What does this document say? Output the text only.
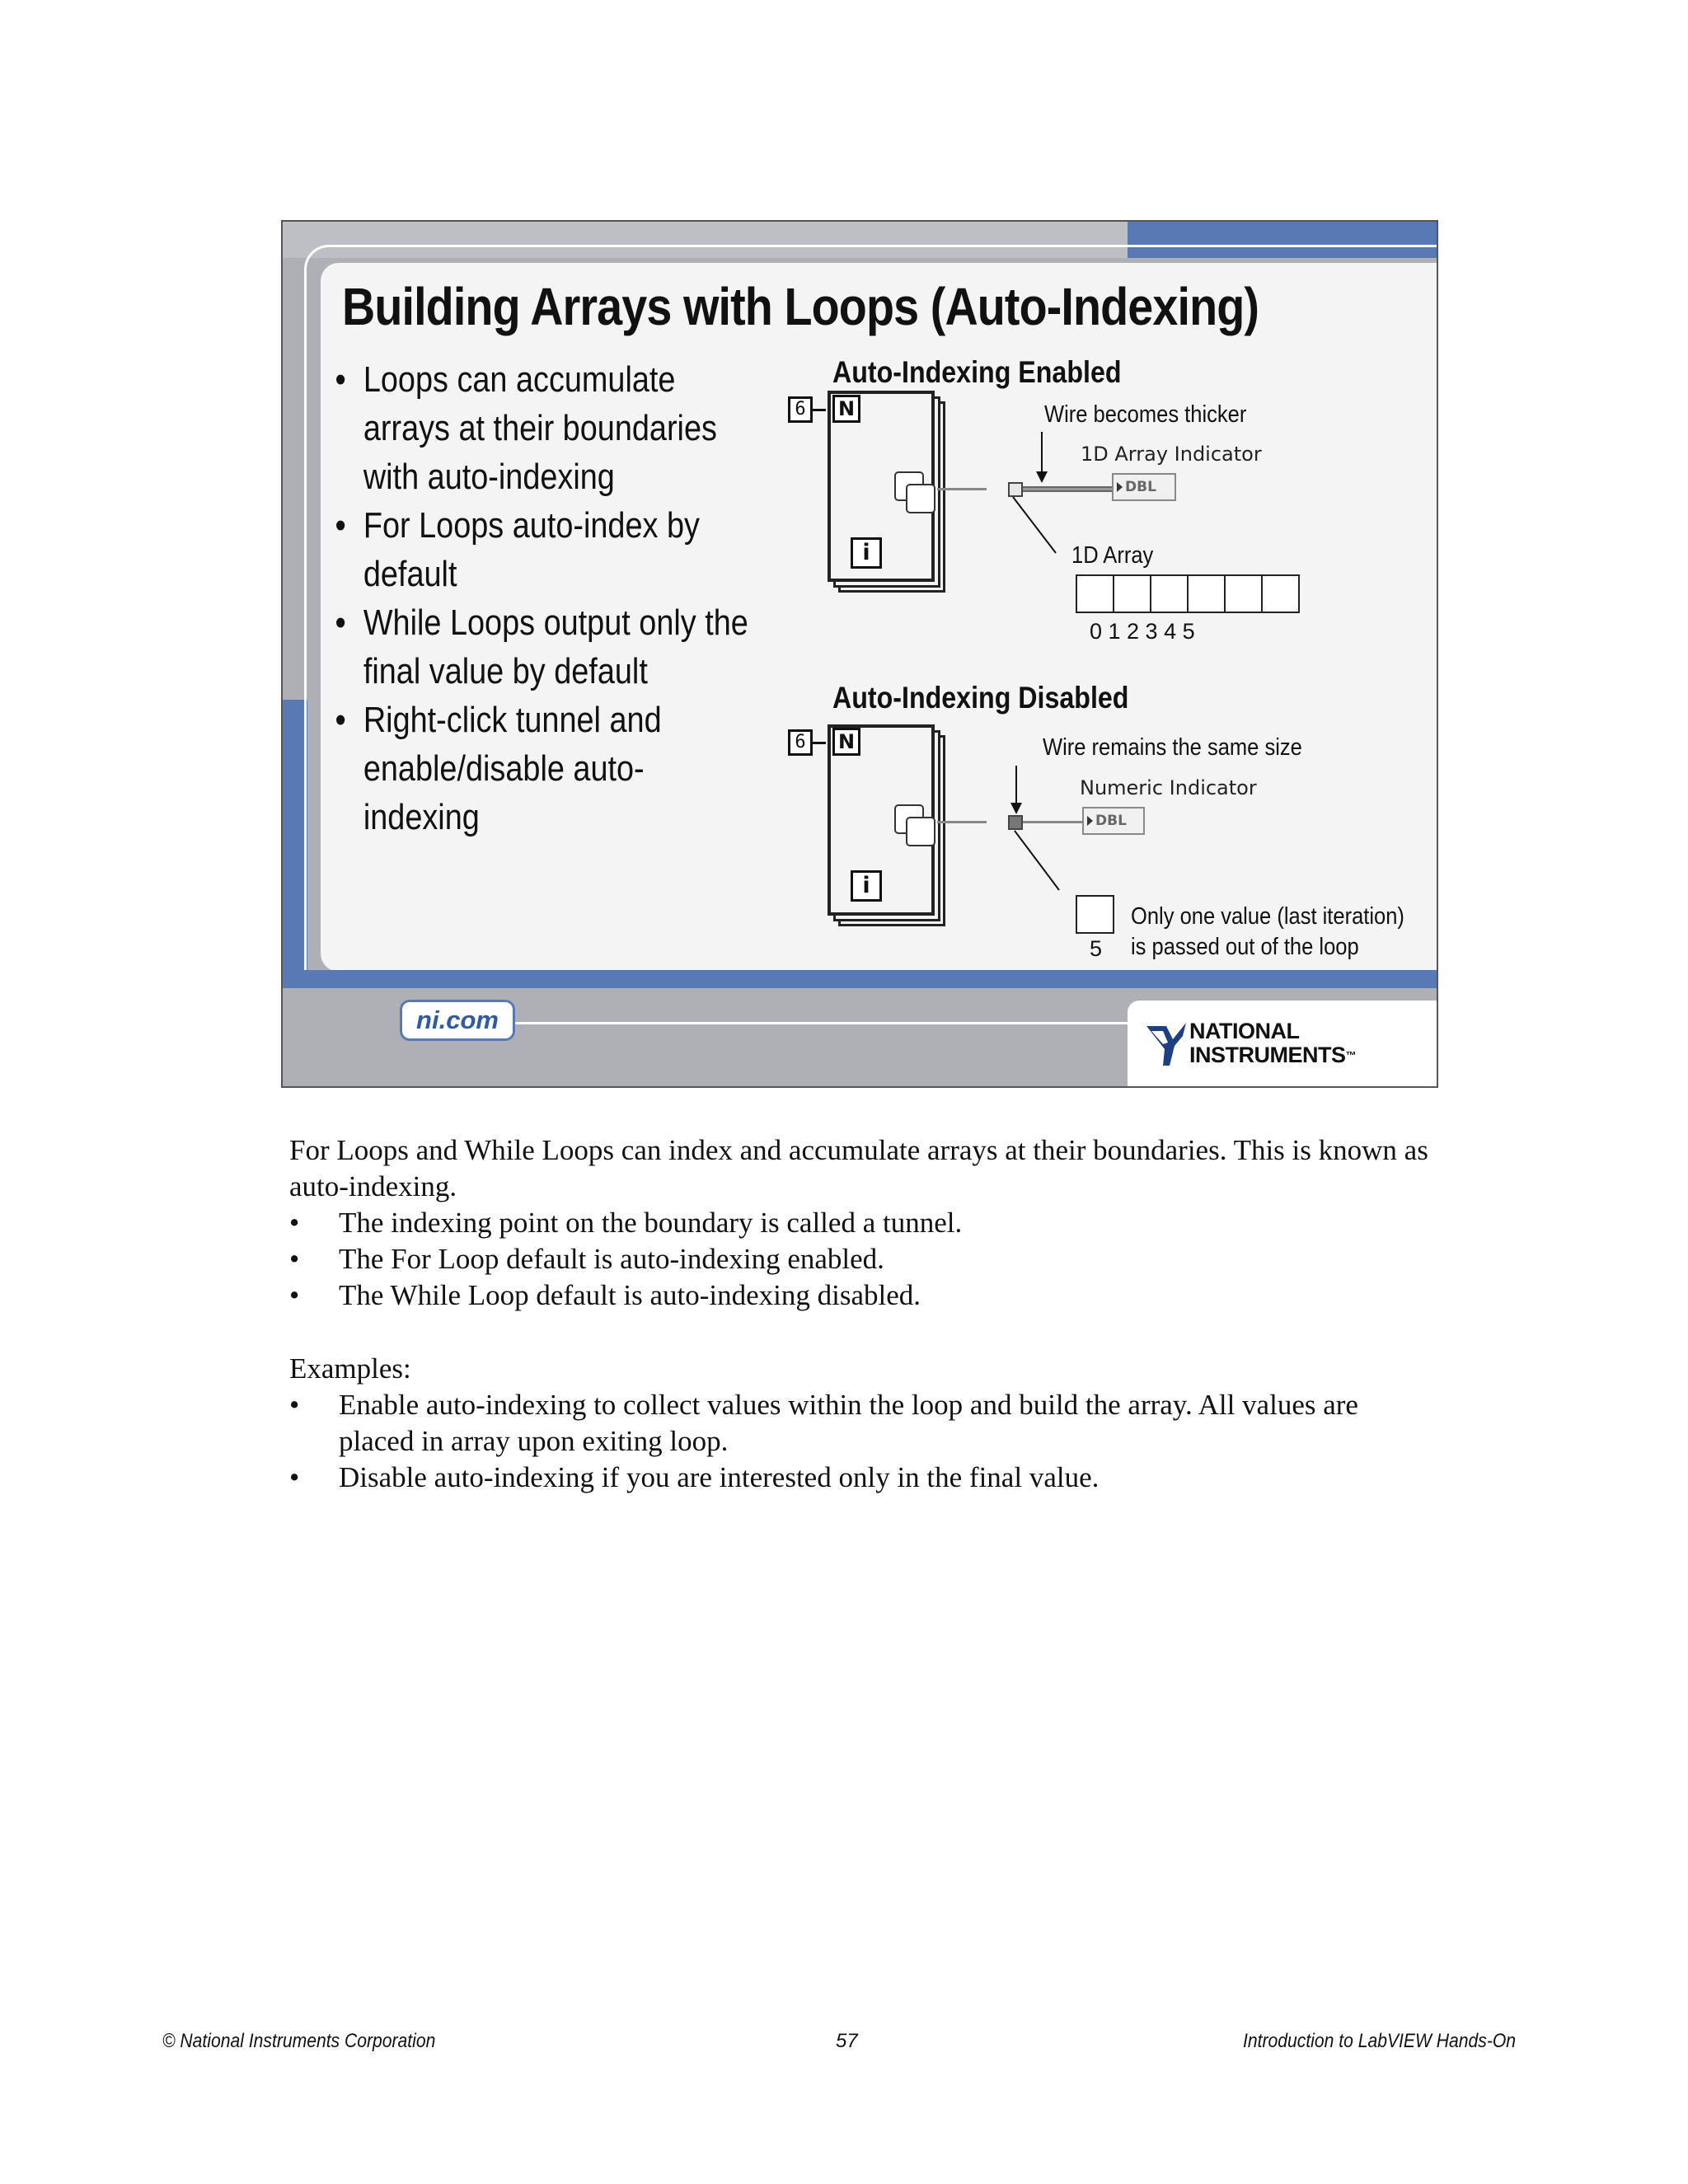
ni.com	NATIONAL
INSTRUMENTS™
Building Arrays with Loops (Auto-Indexing)
• Loops can accumulate arrays at their boundaries with auto-indexing
• For Loops auto-index by default
• While Loops output only the final value by default
• Right-click tunnel and enable/disable auto-indexing
Auto-Indexing Enabled
6	N
i
Wire becomes thicker
1D Array Indicator
DBL
1D Array
0 1 2 3 4 5
Auto-Indexing Disabled
6	N
i
Wire remains the same size
Numeric Indicator
DBL
5
Only one value (last iteration)
is passed out of the loop
For Loops and While Loops can index and accumulate arrays at their boundaries. This is known as auto-indexing.
• The indexing point on the boundary is called a tunnel.
• The For Loop default is auto-indexing enabled.
• The While Loop default is auto-indexing disabled.
Examples:
• Enable auto-indexing to collect values within the loop and build the array. All values are placed in array upon exiting loop.
• Disable auto-indexing if you are interested only in the final value.
© National Instruments Corporation	57	Introduction to LabVIEW Hands-On
